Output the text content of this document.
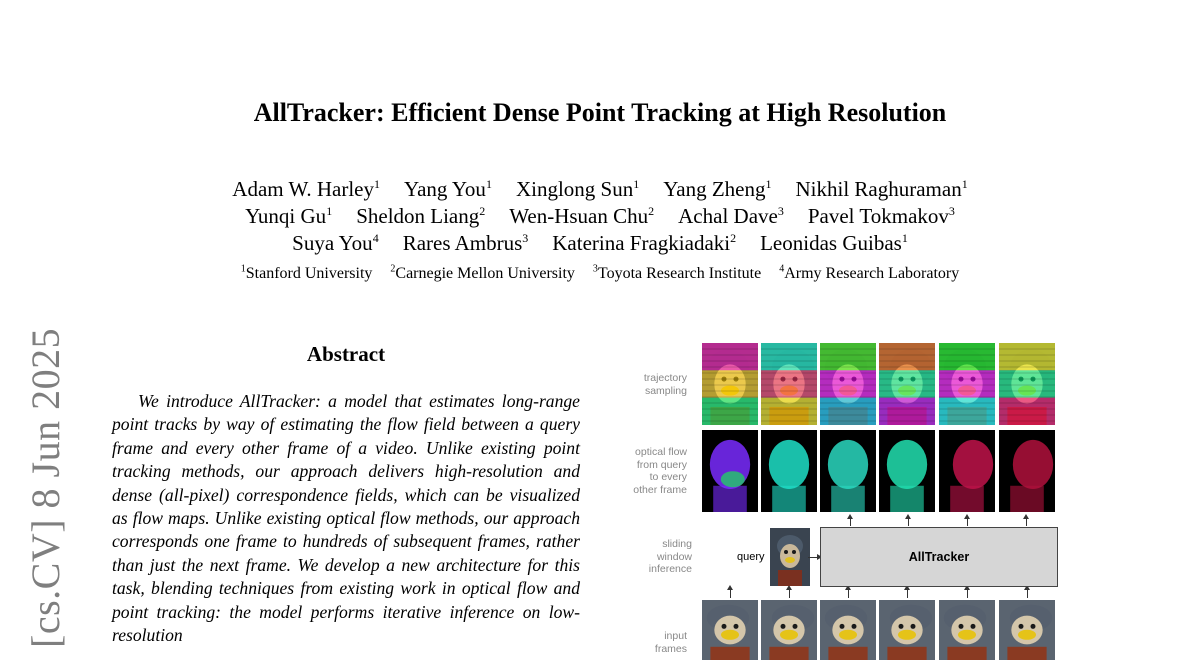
AllTracker: Efficient Dense Point Tracking at High Resolution
Adam W. Harley$^1$ Yang You$^1$ Xinglong Sun$^1$ Yang Zheng$^1$ Nikhil Raghuraman$^1$
Yunqi Gu$^1$ Sheldon Liang$^2$ Wen-Hsuan Chu$^2$ Achal Dave$^3$ Pavel Tokmakov$^3$
Suya You$^4$ Rares Ambrus$^3$ Katerina Fragkiadaki$^2$ Leonidas Guibas$^1$
$^1$Stanford University $^2$Carnegie Mellon University $^3$Toyota Research Institute $^4$Army Research Laboratory
[cs.CV] 8 Jun 2025	Abstract

We introduce AllTracker: a model that estimates long-range point tracks by way of estimating the flow field between a query frame and every other frame of a video. Unlike existing point tracking methods, our approach delivers high-resolution and dense (all-pixel) correspondence fields, which can be visualized as flow maps. Unlike existing optical flow methods, our approach corresponds one frame to hundreds of subsequent frames, rather than just the next frame. We develop a new architecture for this task, blending techniques from existing work in optical flow and point tracking: the model performs iterative inference on low-resolution

trajectory
sampling
optical flow
from query
to every
other frame
sliding
window
inference
input
frames
query	AllTracker
